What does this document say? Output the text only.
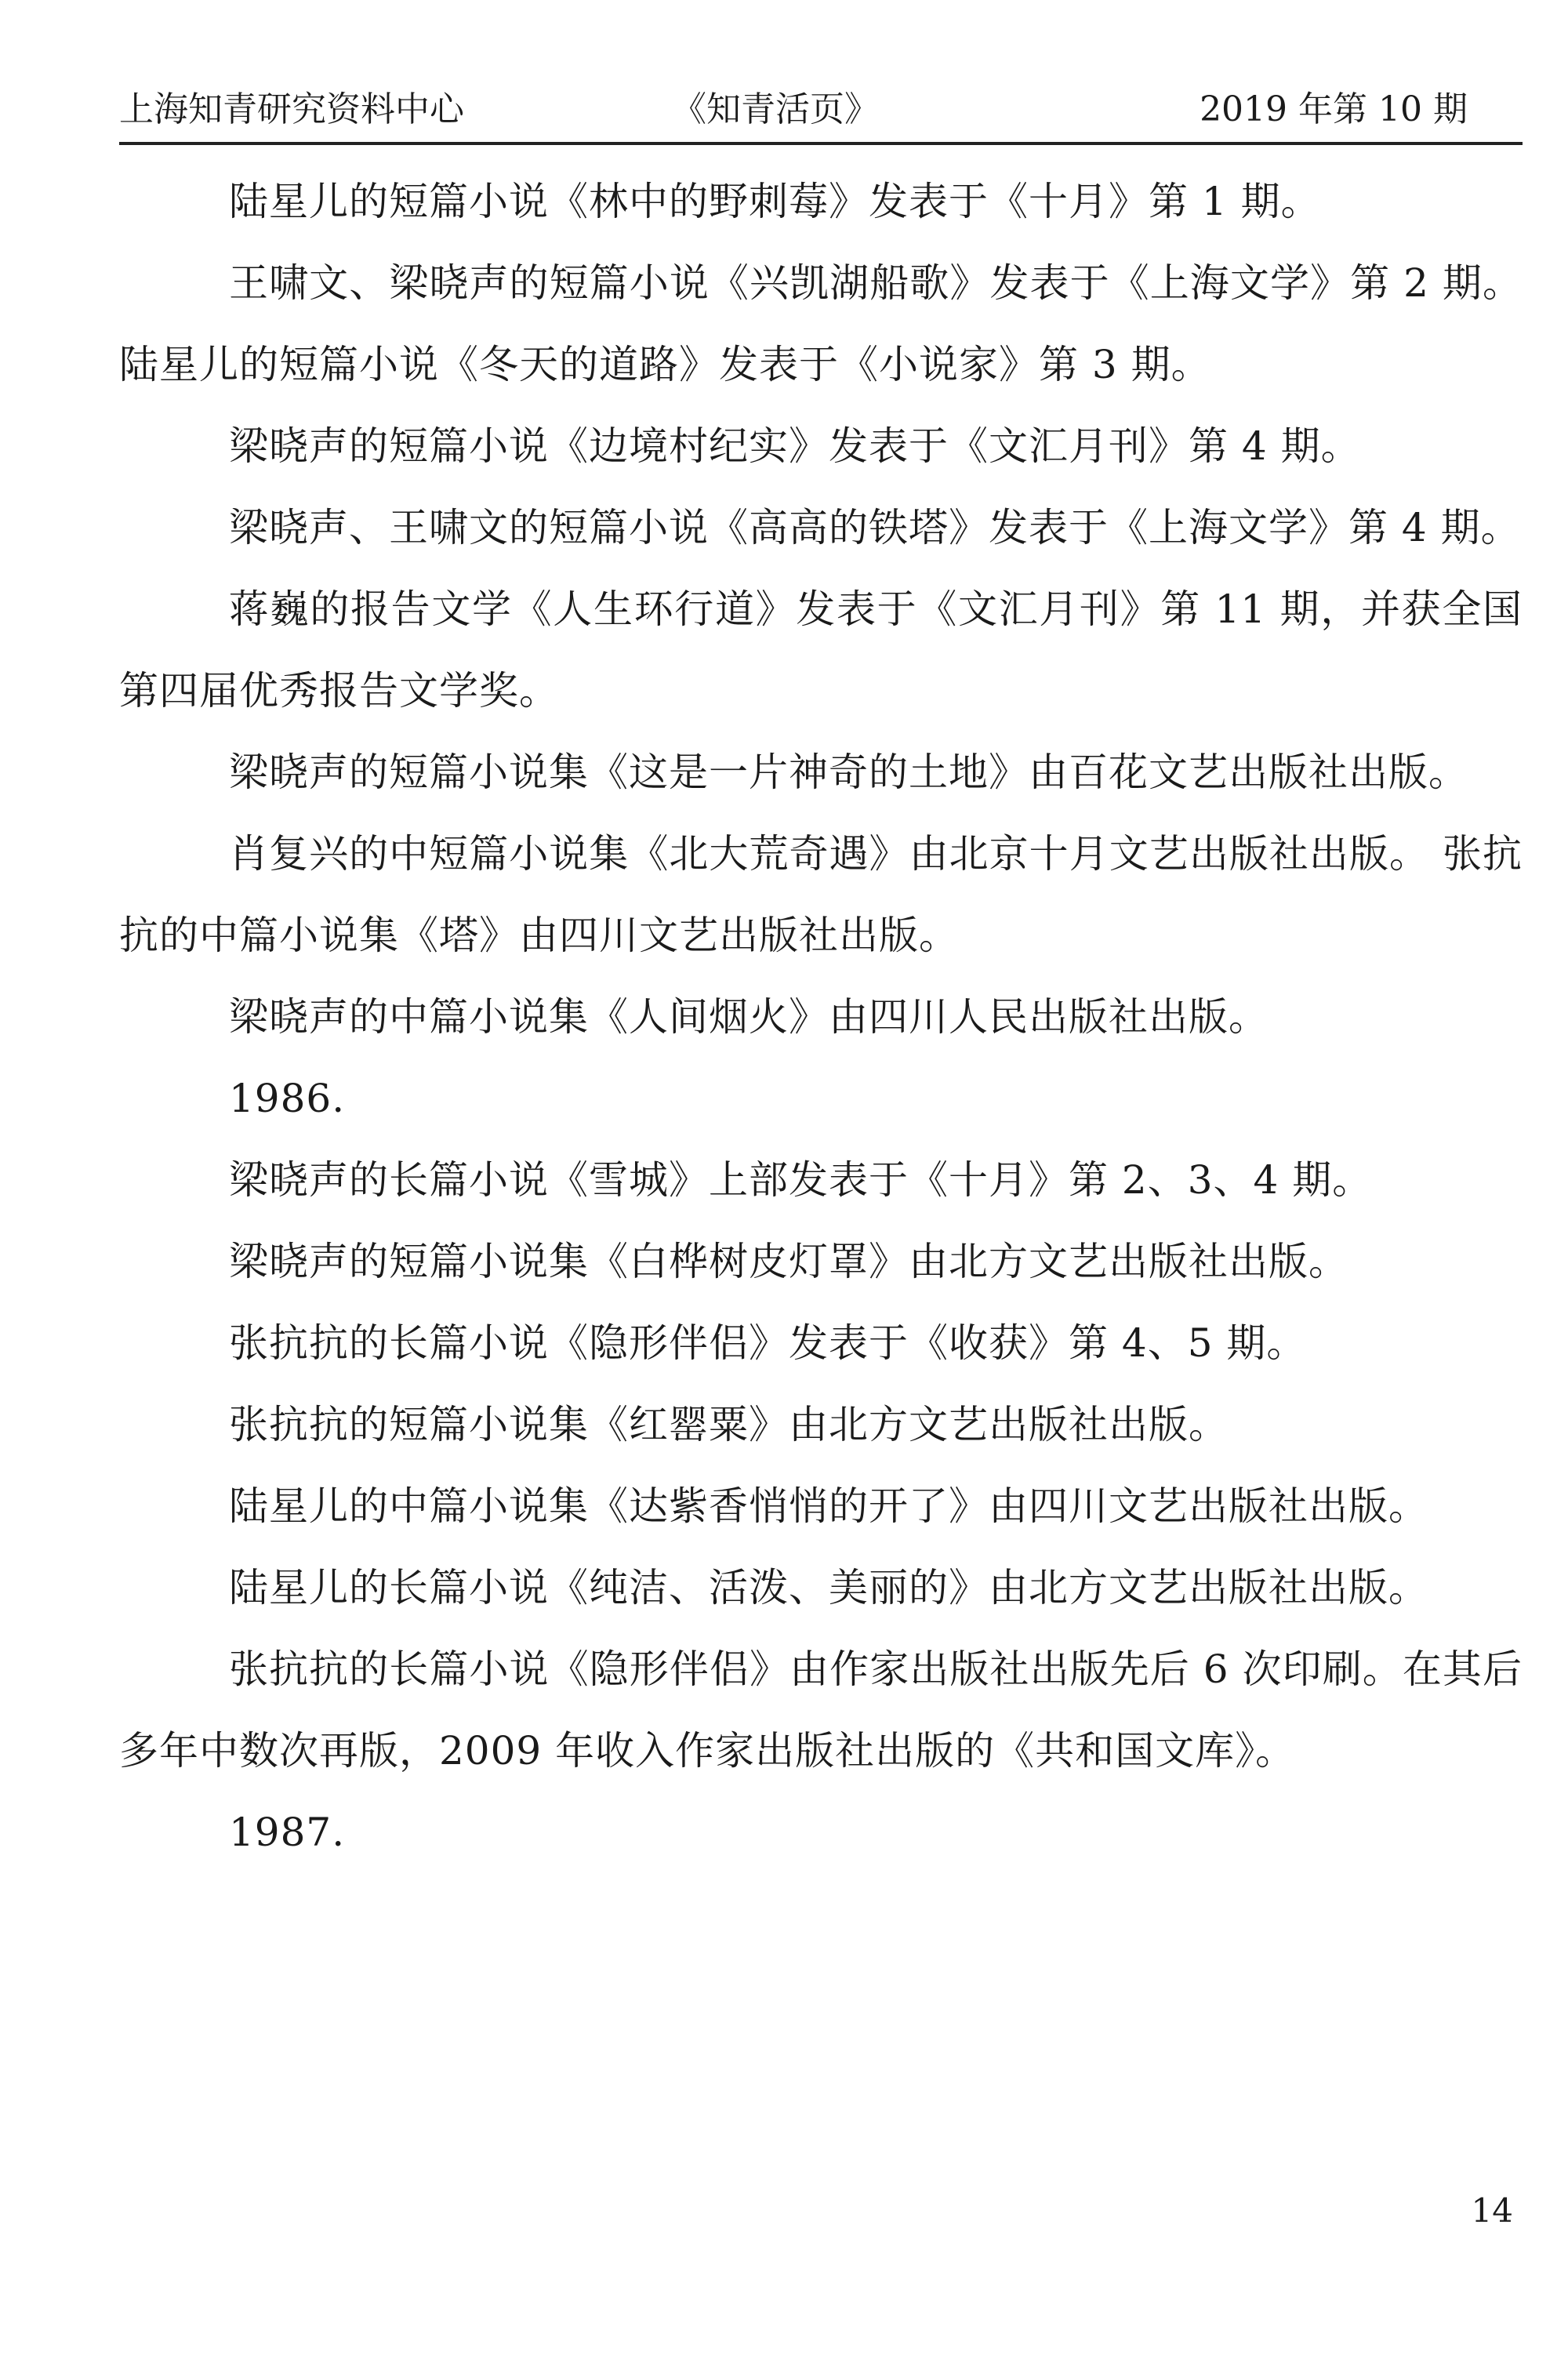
上海知青研究资料中心	《知青活页》	2019 年第 10 期

陆星儿的短篇小说《林中的野刺莓》发表于《十月》第 1 期。

王啸文、梁晓声的短篇小说《兴凯湖船歌》发表于《上海文学》第 2 期。 陆星儿的短篇小说《冬天的道路》发表于《小说家》第 3 期。

梁晓声的短篇小说《边境村纪实》发表于《文汇月刊》第 4 期。

梁晓声、王啸文的短篇小说《高高的铁塔》发表于《上海文学》第 4 期。

蒋巍的报告文学《人生环行道》发表于《文汇月刊》第 11 期，并获全国第四届优秀报告文学奖。

梁晓声的短篇小说集《这是一片神奇的土地》由百花文艺出版社出版。

肖复兴的中短篇小说集《北大荒奇遇》由北京十月文艺出版社出版。 张抗抗的中篇小说集《塔》由四川文艺出版社出版。

梁晓声的中篇小说集《人间烟火》由四川人民出版社出版。

1986.

梁晓声的长篇小说《雪城》上部发表于《十月》第 2、3、4 期。

梁晓声的短篇小说集《白桦树皮灯罩》由北方文艺出版社出版。

张抗抗的长篇小说《隐形伴侣》发表于《收获》第 4、5 期。

张抗抗的短篇小说集《红罂粟》由北方文艺出版社出版。

陆星儿的中篇小说集《达紫香悄悄的开了》由四川文艺出版社出版。

陆星儿的长篇小说《纯洁、活泼、美丽的》由北方文艺出版社出版。

张抗抗的长篇小说《隐形伴侣》由作家出版社出版先后 6 次印刷。在其后多年中数次再版，2009 年收入作家出版社出版的《共和国文库》。

1987.

14
